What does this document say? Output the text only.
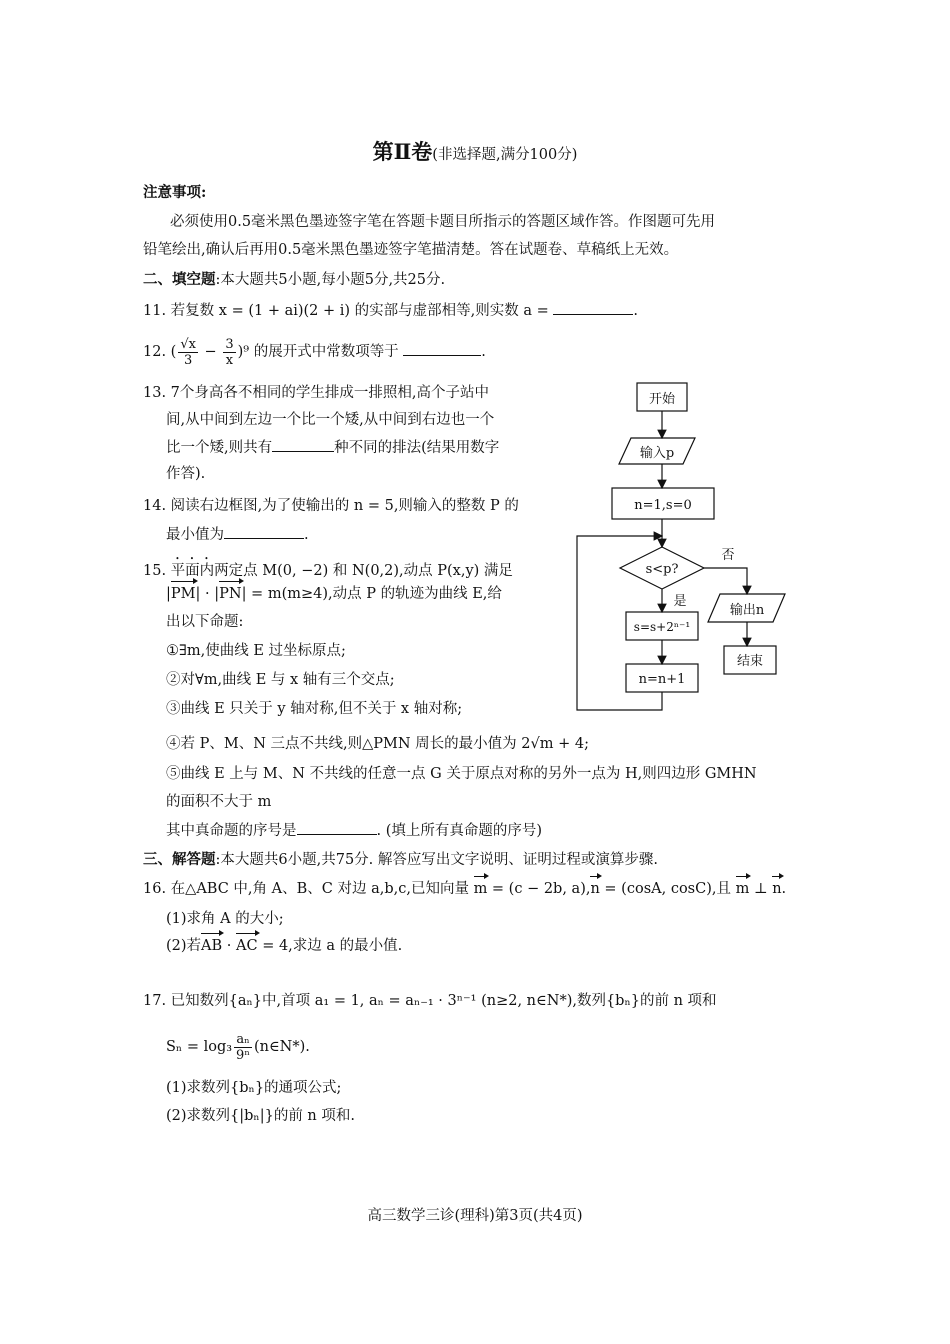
第Ⅱ卷(非选择题,满分100分)
注意事项:
必须使用0.5毫米黑色墨迹签字笔在答题卡题目所指示的答题区域作答。作图题可先用
铅笔绘出,确认后再用0.5毫米黑色墨迹签字笔描清楚。答在试题卷、草稿纸上无效。
二、填空题:本大题共5小题,每小题5分,共25分.
11. 若复数 x = (1 + ai)(2 + i) 的实部与虚部相等,则实数 a =	.
12. ( $\frac{√x}{3} - \frac{3}{x} )^9$ 的展开式中常数项等于	.
13. 7个身高各不相同的学生排成一排照相,高个子站中
间,从中间到左边一个比一个矮,从中间到右边也一个
比一个矮,则共有	种不同的排法(结果用数字
作答).
14. 阅读右边框图,为了使输出的 n = 5,则输入的整数 P 的
最小值为	.
15. 平面内两定点 M(0, −2) 和 N(0,2),动点 P(x,y) 满足
|PM| · |PN| = m(m≥4),动点 P 的轨迹为曲线 E,给
出以下命题:
①∃m,使曲线 E 过坐标原点;
②对∀m,曲线 E 与 x 轴有三个交点;
③曲线 E 只关于 y 轴对称,但不关于 x 轴对称;
④若 P、M、N 三点不共线,则△PMN 周长的最小值为 2√m + 4;
⑤曲线 E 上与 M、N 不共线的任意一点 G 关于原点对称的另外一点为 H,则四边形 GMHN
的面积不大于 m
其中真命题的序号是	. (填上所有真命题的序号)
三、解答题:本大题共6小题,共75分. 解答应写出文字说明、证明过程或演算步骤.
16. 在△ABC 中,角 A、B、C 对边 a,b,c,已知向量 m = (c − 2b, a),n = (cosA, cosC),且 m ⊥ n.
(1)求角 A 的大小;
(2)若AB · AC = 4,求边 a 的最小值.
17. 已知数列{aₙ}中,首项 a₁ = 1, aₙ = aₙ₋₁ · 3ⁿ⁻¹ (n≥2, n∈N*),数列{bₙ}的前 n 项和
$S_n = \log_3 \frac{\text{aₙ}}{\text{9ⁿ}}$ (n∈N*).
(1)求数列{bₙ}的通项公式;
(2)求数列{|bₙ|}的前 n 项和.
高三数学三诊(理科)第3页(共4页)
开始
输入p
n=1,s=0
s<p?
否
是
输出n
s=s+2ⁿ⁻¹
结束
n=n+1
